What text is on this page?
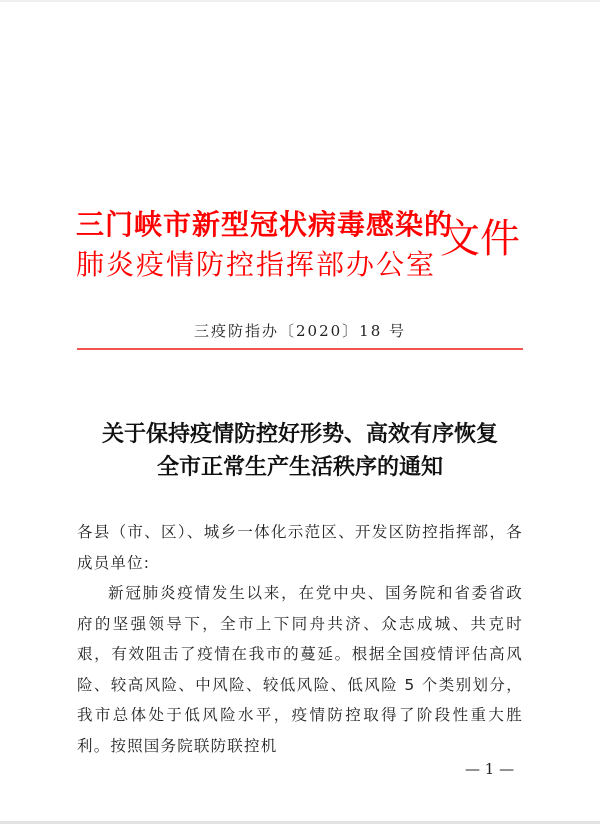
三门峡市新型冠状病毒感染的
肺炎疫情防控指挥部办公室
文件
三疫防指办〔2020〕18 号
关于保持疫情防控好形势、高效有序恢复
全市正常生产生活秩序的通知

各县（市、区）、城乡一体化示范区、开发区防控指挥部，各成员单位:

新冠肺炎疫情发生以来，在党中央、国务院和省委省政府的坚强领导下，全市上下同舟共济、众志成城、共克时艰，有效阻击了疫情在我市的蔓延。根据全国疫情评估高风险、较高风险、中风险、较低风险、低风险 5 个类别划分，我市总体处于低风险水平，疫情防控取得了阶段性重大胜利。按照国务院联防联控机

— 1 —
